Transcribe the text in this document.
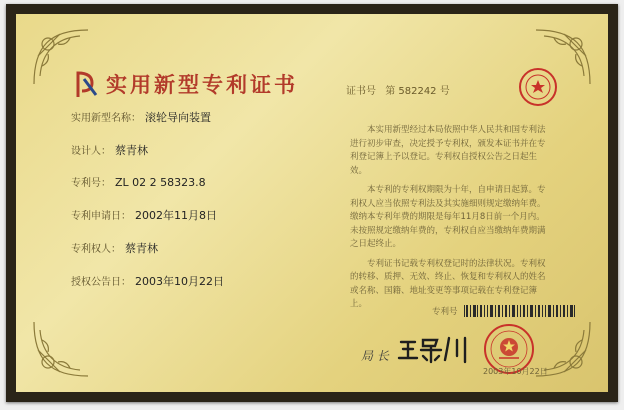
实用新型专利证书	证书号 第 582242 号
实用新型名称： 滚轮导向装置
设计人： 蔡青林
专利号： ZL 02 2 58323.8
专利申请日： 2002年11月8日
专利权人： 蔡青林
授权公告日： 2003年10月22日

本实用新型经过本局依照中华人民共和国专利法进行初步审查，决定授予专利权，颁发本证书并在专利登记簿上予以登记。专利权自授权公告之日起生效。

本专利的专利权期限为十年，自申请日起算。专利权人应当依照专利法及其实施细则规定缴纳年费。缴纳本专利年费的期限是每年11月8日前一个月内。未按照规定缴纳年费的，专利权自应当缴纳年费期满之日起终止。

专利证书记载专利权登记时的法律状况。专利权的转移、质押、无效、终止、恢复和专利权人的姓名或名称、国籍、地址变更等事项记载在专利登记簿上。

专利号
局 长
2003年10月22日
